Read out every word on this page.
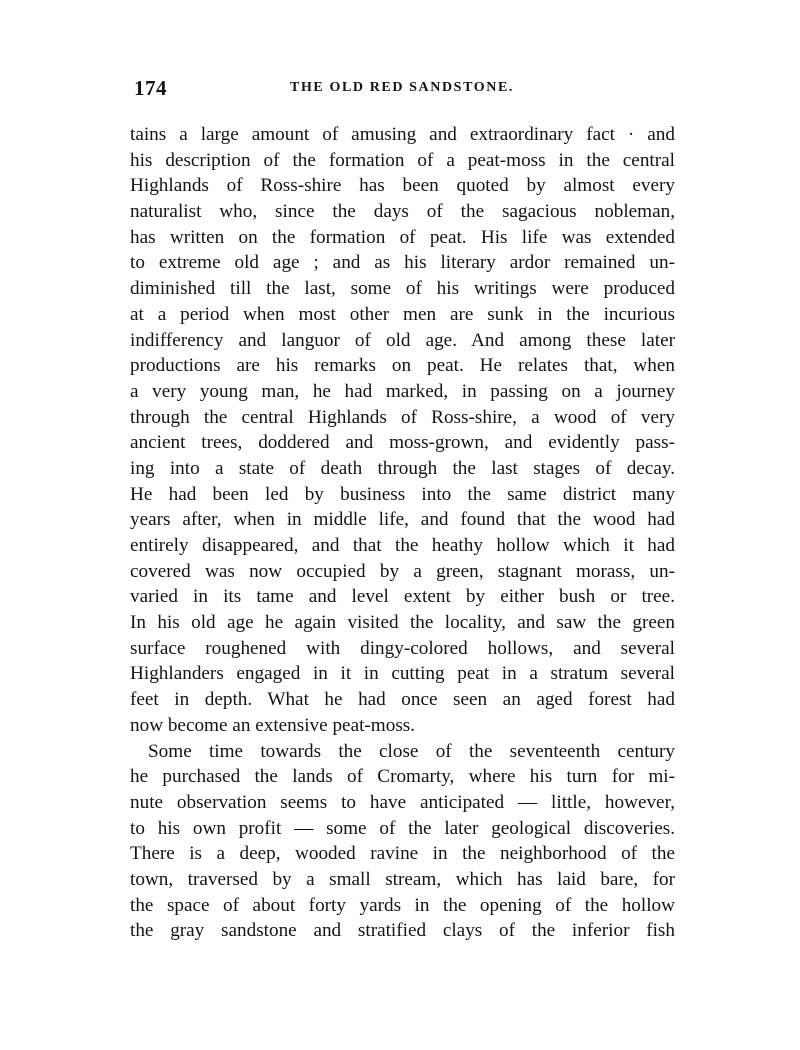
174	THE OLD RED SANDSTONE.
tains a large amount of amusing and extraordinary fact · and
his description of the formation of a peat-moss in the central
Highlands of Ross-shire has been quoted by almost every
naturalist who, since the days of the sagacious nobleman,
has written on the formation of peat. His life was extended
to extreme old age ; and as his literary ardor remained un-
diminished till the last, some of his writings were produced
at a period when most other men are sunk in the incurious
indifferency and languor of old age. And among these later
productions are his remarks on peat. He relates that, when
a very young man, he had marked, in passing on a journey
through the central Highlands of Ross-shire, a wood of very
ancient trees, doddered and moss-grown, and evidently pass-
ing into a state of death through the last stages of decay.
He had been led by business into the same district many
years after, when in middle life, and found that the wood had
entirely disappeared, and that the heathy hollow which it had
covered was now occupied by a green, stagnant morass, un-
varied in its tame and level extent by either bush or tree.
In his old age he again visited the locality, and saw the green
surface roughened with dingy-colored hollows, and several
Highlanders engaged in it in cutting peat in a stratum several
feet in depth. What he had once seen an aged forest had
now become an extensive peat-moss.
Some time towards the close of the seventeenth century
he purchased the lands of Cromarty, where his turn for mi-
nute observation seems to have anticipated — little, however,
to his own profit — some of the later geological discoveries.
There is a deep, wooded ravine in the neighborhood of the
town, traversed by a small stream, which has laid bare, for
the space of about forty yards in the opening of the hollow
the gray sandstone and stratified clays of the inferior fish
